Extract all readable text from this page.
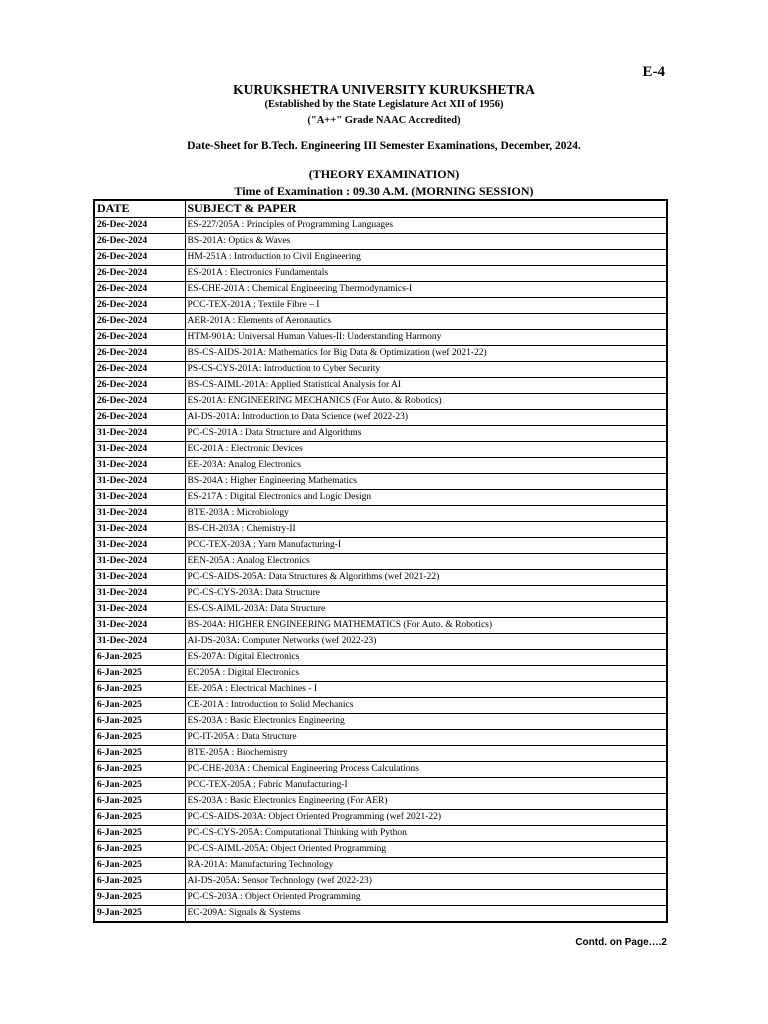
E-4
KURUKSHETRA UNIVERSITY KURUKSHETRA
(Established by the State Legislature Act XII of 1956)
("A++" Grade NAAC Accredited)
Date-Sheet for B.Tech. Engineering III Semester Examinations, December, 2024.
(THEORY EXAMINATION)
Time of Examination : 09.30 A.M. (MORNING SESSION)
DATE	SUBJECT & PAPER
26-Dec-2024	ES-227/205A : Principles of Programming Languages
26-Dec-2024	BS-201A: Optics & Waves
26-Dec-2024	HM-251A : Introduction to Civil Engineering
26-Dec-2024	ES-201A : Electronics Fundamentals
26-Dec-2024	ES-CHE-201A : Chemical Engineering Thermodynamics-I
26-Dec-2024	PCC-TEX-201A : Textile Fibre – I
26-Dec-2024	AER-201A : Elements of Aeronautics
26-Dec-2024	HTM-901A: Universal Human Values-II: Understanding Harmony
26-Dec-2024	BS-CS-AIDS-201A: Mathematics for Big Data & Optimization (wef 2021-22)
26-Dec-2024	PS-CS-CYS-201A: Introduction to Cyber Security
26-Dec-2024	BS-CS-AIML-201A: Applied Statistical Analysis for AI
26-Dec-2024	ES-201A: ENGINEERING MECHANICS (For Auto. & Robotics)
26-Dec-2024	AI-DS-201A: Introduction to Data Science (wef 2022-23)
31-Dec-2024	PC-CS-201A : Data Structure and Algorithms
31-Dec-2024	EC-201A : Electronic Devices
31-Dec-2024	EE-203A: Analog Electronics
31-Dec-2024	BS-204A : Higher Engineering Mathematics
31-Dec-2024	ES-217A : Digital Electronics and Logic Design
31-Dec-2024	BTE-203A : Microbiology
31-Dec-2024	BS-CH-203A : Chemistry-II
31-Dec-2024	PCC-TEX-203A : Yarn Manufacturing-I
31-Dec-2024	EEN-205A : Analog Electronics
31-Dec-2024	PC-CS-AIDS-205A: Data Structures & Algorithms (wef 2021-22)
31-Dec-2024	PC-CS-CYS-203A: Data Structure
31-Dec-2024	ES-CS-AIML-203A: Data Structure
31-Dec-2024	BS-204A: HIGHER ENGINEERING MATHEMATICS (For Auto. & Robotics)
31-Dec-2024	AI-DS-203A: Computer Networks (wef 2022-23)
6-Jan-2025	ES-207A: Digital Electronics
6-Jan-2025	EC205A : Digital Electronics
6-Jan-2025	EE-205A : Electrical Machines - I
6-Jan-2025	CE-201A : Introduction to Solid Mechanics
6-Jan-2025	ES-203A : Basic Electronics Engineering
6-Jan-2025	PC-IT-205A : Data Structure
6-Jan-2025	BTE-205A : Biochemistry
6-Jan-2025	PC-CHE-203A : Chemical Engineering Process Calculations
6-Jan-2025	PCC-TEX-205A : Fabric Manufacturing-I
6-Jan-2025	ES-203A : Basic Electronics Engineering (For AER)
6-Jan-2025	PC-CS-AIDS-203A: Object Oriented Programming (wef 2021-22)
6-Jan-2025	PC-CS-CYS-205A: Computational Thinking with Python
6-Jan-2025	PC-CS-AIML-205A: Object Oriented Programming
6-Jan-2025	RA-201A: Manufacturing Technology
6-Jan-2025	AI-DS-205A: Sensor Technology (wef 2022-23)
9-Jan-2025	PC-CS-203A : Object Oriented Programming
9-Jan-2025	EC-209A: Signals & Systems
Contd. on Page….2
